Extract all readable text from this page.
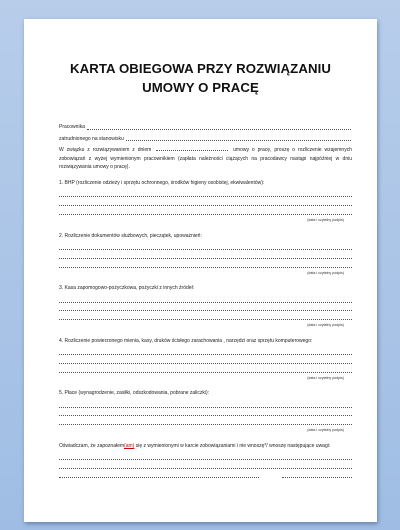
KARTA OBIEGOWA PRZY ROZWIĄZANIU
UMOWY O PRACĘ
Pracownika
zatrudnionego na stanowisku
W związku z rozwiązywaniem z dniem	umowy o pracę, proszę o rozliczenie wzajemnych zobowiązań z wyżej wymienionym pracownikiem (zapłata należności ciążących na pracodawcy nastąpi najpóźniej w dniu rozwiązywania umowy o pracę).
1. BHP (rozliczenie odzieży i sprzętu ochronnego, środków higieny osobistej, ekwiwalentów):
(data i czytelny podpis)
2. Rozliczenie dokumentów służbowych, pieczątek, upoważnień:
(data i czytelny podpis)
3. Kasa zapomogowo-pożyczkowa, pożyczki z innych źródeł:
(data i czytelny podpis)
4. Rozliczenie powierzonego mienia, kasy, druków ścisłego zarachowania , narzędzi oraz sprzętu komputerowego:
(data i czytelny podpis)
5. Płace (wynagrodzenie, zasiłki, odszkodowania, pobrane zaliczki):
(data i czytelny podpis)
Oświadczam, że zapoznałem(am) się z wymienionymi w karcie zobowiązaniami i nie wnoszę*/ wnoszę następujące uwagi:
